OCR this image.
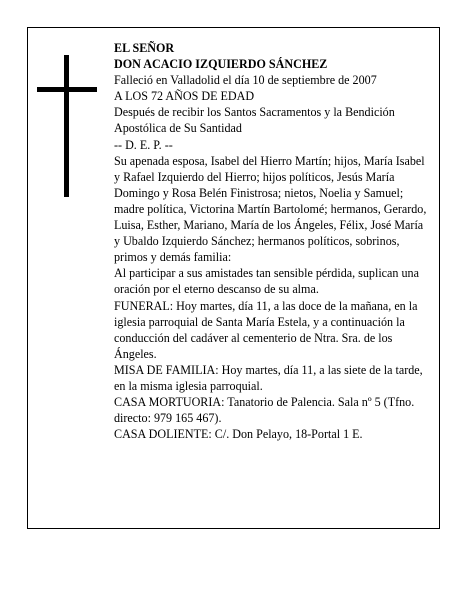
EL SEÑOR

DON ACACIO IZQUIERDO SÁNCHEZ

Falleció en Valladolid el día 10 de septiembre de 2007

A LOS 72 AÑOS DE EDAD

Después de recibir los Santos Sacramentos y la Bendición Apostólica de Su Santidad

-- D. E. P. --

Su apenada esposa, Isabel del Hierro Martín; hijos, María Isabel y Rafael Izquierdo del Hierro; hijos políticos, Jesús María Domingo y Rosa Belén Finistrosa; nietos, Noelia y Samuel; madre política, Victorina Martín Bartolomé; hermanos, Gerardo, Luisa, Esther, Mariano, María de los Ángeles, Félix, José María y Ubaldo Izquierdo Sánchez; hermanos políticos, sobrinos, primos y demás familia:

Al participar a sus amistades tan sensible pérdida, suplican una oración por el eterno descanso de su alma.

FUNERAL: Hoy martes, día 11, a las doce de la mañana, en la iglesia parroquial de Santa María Estela, y a continuación la conducción del cadáver al cementerio de Ntra. Sra. de los Ángeles.

MISA DE FAMILIA: Hoy martes, día 11, a las siete de la tarde, en la misma iglesia parroquial.

CASA MORTUORIA: Tanatorio de Palencia. Sala nº 5 (Tfno. directo: 979 165 467).

CASA DOLIENTE: C/. Don Pelayo, 18-Portal 1 E.
